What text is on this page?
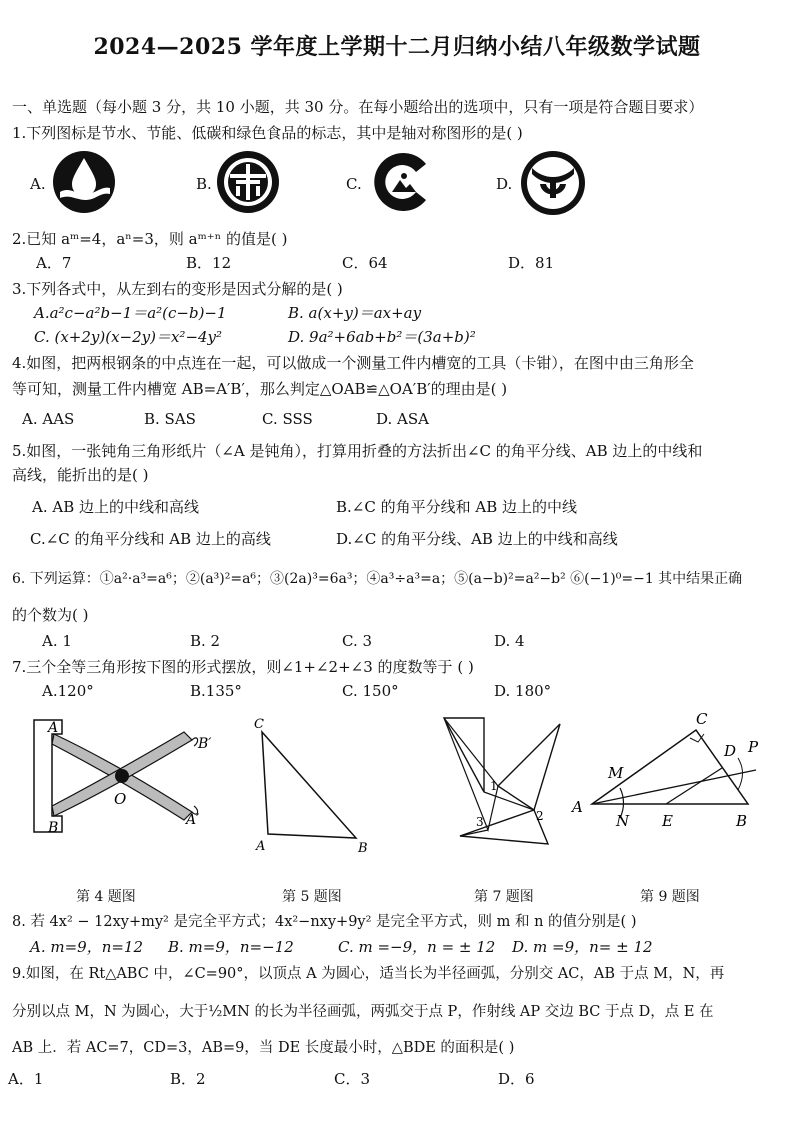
2024—2025 学年度上学期十二月归纳小结八年级数学试题
一、单选题（每小题 3 分，共 10 小题，共 30 分。在每小题给出的选项中，只有一项是符合题目要求）
1.下列图标是节水、节能、低碳和绿色食品的标志，其中是轴对称图形的是( )
A.	B.	C.	D.
2.已知 aᵐ=4，aⁿ=3，则 aᵐ⁺ⁿ 的值是( )
A．7	B．12	C．64	D．81
3.下列各式中，从左到右的变形是因式分解的是( )
A.a²c−a²b−1＝a²(c−b)−1	B. a(x+y)＝ax+ay
C. (x+2y)(x−2y)＝x²−4y²	D. 9a²+6ab+b²＝(3a+b)²
4.如图，把两根钢条的中点连在一起，可以做成一个测量工件内槽宽的工具（卡钳），在图中由三角形全
等可知，测量工件内槽宽 AB=A′B′，那么判定△OAB≌△OA′B′的理由是( )
A. AAS	B. SAS	C. SSS	D. ASA
5.如图，一张钝角三角形纸片（∠A 是钝角），打算用折叠的方法折出∠C 的角平分线、AB 边上的中线和
高线，能折出的是( )
A. AB 边上的中线和高线	B.∠C 的角平分线和 AB 边上的中线
C.∠C 的角平分线和 AB 边上的高线	D.∠C 的角平分线、AB 边上的中线和高线
6. 下列运算：①a²·a³=a⁶；②(a³)²=a⁶；③(2a)³=6a³；④a³÷a³=a；⑤(a−b)²=a²−b² ⑥(−1)⁰=−1 其中结果正确
的个数为( )
A. 1	B. 2	C. 3	D. 4
7.三个全等三角形按下图的形式摆放，则∠1+∠2+∠3 的度数等于 ( )
A.120°	B.135°	C. 150°	D. 180°
A
B
B′
A′
O
C
A	B
1
2
3
C
D P
M
A
N E	B
第 4 题图	第 5 题图	第 7 题图	第 9 题图
8. 若 4x² − 12xy+my² 是完全平方式；4x²−nxy+9y² 是完全平方式，则 m 和 n 的值分别是( )
A. m=9，n=12 B. m=9，n=−12	C. m =−9，n = ± 12 D. m =9，n= ± 12
9.如图，在 Rt△ABC 中，∠C=90°，以顶点 A 为圆心，适当长为半径画弧，分别交 AC，AB 于点 M，N，再
分别以点 M，N 为圆心，大于½MN 的长为半径画弧，两弧交于点 P，作射线 AP 交边 BC 于点 D，点 E 在
AB 上．若 AC=7，CD=3，AB=9，当 DE 长度最小时，△BDE 的面积是( )
A．1	B．2	C．3	D．6
